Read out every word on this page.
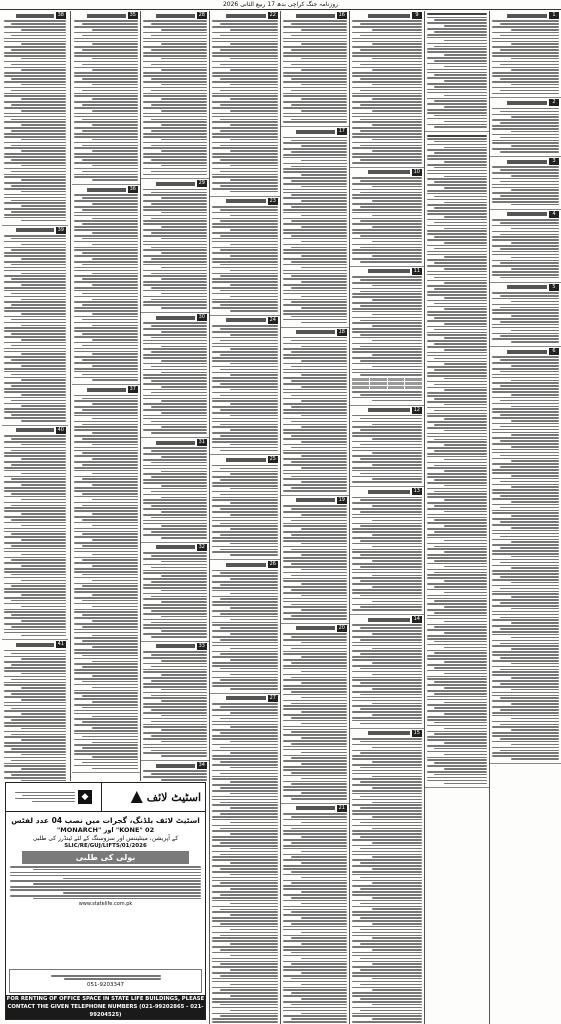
روزنامہ جنگ کراچی بدھ 17 ربیع الثانی 2026
1
2
3
4
5
6
9
10
11
12
13
14
15
16
17
18
19
20
21
22
23
24
25
26
27
28
29
30
31
32
33
34
35
36
37
38
39
40
41
◆	اسٹیٹ لائف
اسٹیٹ لائف بلڈنگ، گجرات میں نصب 04 عدد لفٹس
"MONARCH" اور "KONE" 02
کے آپریشن، مینٹیننس اور سروسنگ کے لئے ٹینڈرز کی طلبی
SLIC/RE/GUJ/LIFTS/01/2026
بولی کی طلبی
www.statelife.com.pk
051-9203347
FOR RENTING OF OFFICE SPACE IN STATE LIFE BUILDINGS, PLEASE
CONTACT THE GIVEN TELEPHONE NUMBERS (021-99202865 - 021-99204525)
